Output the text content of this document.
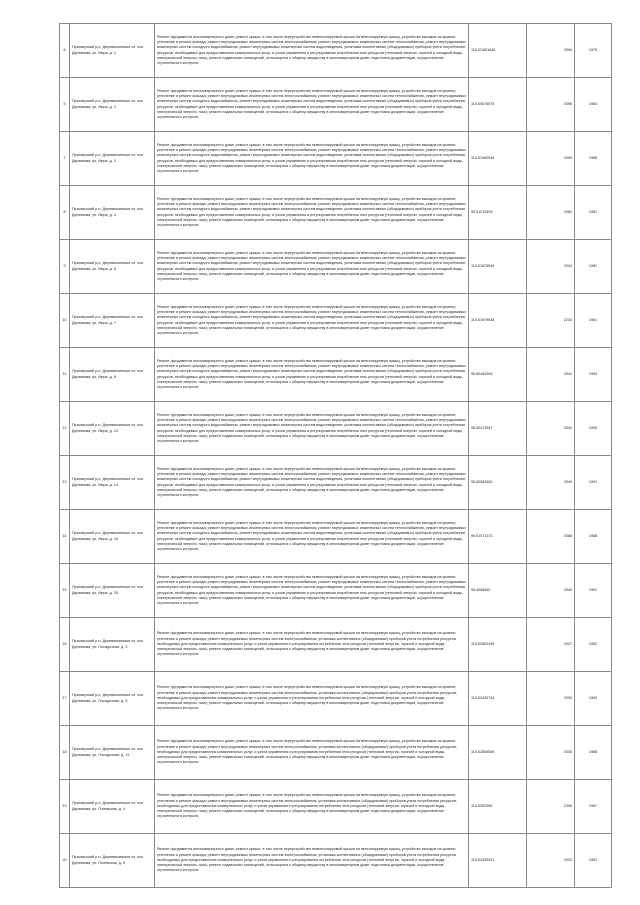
6	Приозерский р-н, Деревянкинское сп, пос. Деревянка, ул. Мира, д. 1	Ремонт фундамента многоквартирного дома; ремонт крыши, в том числе переустройство невентилируемой крыши на вентилируемую крышу, устройство выходов на кровлю; утепление и ремонт фасада; ремонт внутридомовых инженерных систем электроснабжения, ремонт внутридомовых инженерных систем теплоснабжения, ремонт внутридомовых инженерных систем холодного водоснабжения, ремонт внутридомовых инженерных систем водоотведения; установка коллективных (общедомовых) приборов учета потребления ресурсов, необходимых для предоставления коммунальных услуг, и узлов управления и регулирования потребления этих ресурсов (тепловой энергии, горячей и холодной воды, электрической энергии, газа); ремонт подвальных помещений, относящихся к общему имуществу в многоквартирном доме; подготовка документации, осуществление строительного контроля	115.3/1891648	2594	1975
5	Приозерский р-н, Деревянкинское сп, пос. Деревянка, ул. Мира, д. 2	Ремонт фундамента многоквартирного дома; ремонт крыши, в том числе переустройство невентилируемой крыши на вентилируемую крышу, устройство выходов на кровлю; утепление и ремонт фасада; ремонт внутридомовых инженерных систем электроснабжения, ремонт внутридомовых инженерных систем теплоснабжения, ремонт внутридомовых инженерных систем холодного водоснабжения, ремонт внутридомовых инженерных систем водоотведения; установка коллективных (общедомовых) приборов учета потребления ресурсов, необходимых для предоставления коммунальных услуг, и узлов управления и регулирования потребления этих ресурсов (тепловой энергии, горячей и холодной воды, электрической энергии, газа); ремонт подвальных помещений, относящихся к общему имуществу в многоквартирном доме; подготовка документации, осуществление строительного контроля	115.50676575	2096	1984
7	Приозерский р-н, Деревянкинское сп, пос. Деревянка, ул. Мира, д. 3	Ремонт фундамента многоквартирного дома; ремонт крыши, в том числе переустройство невентилируемой крыши на вентилируемую крышу, устройство выходов на кровлю; утепление и ремонт фасада; ремонт внутридомовых инженерных систем электроснабжения, ремонт внутридомовых инженерных систем теплоснабжения, ремонт внутридомовых инженерных систем холодного водоснабжения, ремонт внутридомовых инженерных систем водоотведения; установка коллективных (общедомовых) приборов учета потребления ресурсов, необходимых для предоставления коммунальных услуг, и узлов управления и регулирования потребления этих ресурсов (тепловой энергии, горячей и холодной воды, электрической энергии, газа); ремонт подвальных помещений, относящихся к общему имуществу в многоквартирном доме; подготовка документации, осуществление строительного контроля	115.51980548	2095	1985
8	Приозерский р-н, Деревянкинское сп, пос. Деревянка, ул. Мира, д. 4	Ремонт фундамента многоквартирного дома; ремонт крыши, в том числе переустройство невентилируемой крыши на вентилируемую крышу, устройство выходов на кровлю; утепление и ремонт фасада; ремонт внутридомовых инженерных систем электроснабжения, ремонт внутридомовых инженерных систем теплоснабжения, ремонт внутридомовых инженерных систем холодного водоснабжения, ремонт внутридомовых инженерных систем водоотведения; установка коллективных (общедомовых) приборов учета потребления ресурсов, необходимых для предоставления коммунальных услуг, и узлов управления и регулирования потребления этих ресурсов (тепловой энергии, горячей и холодной воды, электрической энергии, газа); ремонт подвальных помещений, относящихся к общему имуществу в многоквартирном доме; подготовка документации, осуществление строительного контроля	95.51076405	2084	1981
9	Приозерский р-н, Деревянкинское сп, пос. Деревянка, ул. Мира, д. 5	Ремонт фундамента многоквартирного дома; ремонт крыши, в том числе переустройство невентилируемой крыши на вентилируемую крышу, устройство выходов на кровлю; утепление и ремонт фасада; ремонт внутридомовых инженерных систем электроснабжения, ремонт внутридомовых инженерных систем теплоснабжения, ремонт внутридомовых инженерных систем холодного водоснабжения, ремонт внутридомовых инженерных систем водоотведения; установка коллективных (общедомовых) приборов учета потребления ресурсов, необходимых для предоставления коммунальных услуг, и узлов управления и регулирования потребления этих ресурсов (тепловой энергии, горячей и холодной воды, электрической энергии, газа); ремонт подвальных помещений, относящихся к общему имуществу в многоквартирном доме; подготовка документации, осуществление строительного контроля	115.51676549	2034	1981
10	Приозерский р-н, Деревянкинское сп, пос. Деревянка, ул. Мира, д. 7	Ремонт фундамента многоквартирного дома; ремонт крыши, в том числе переустройство невентилируемой крыши на вентилируемую крышу, устройство выходов на кровлю; утепление и ремонт фасада; ремонт внутридомовых инженерных систем электроснабжения, ремонт внутридомовых инженерных систем теплоснабжения, ремонт внутридомовых инженерных систем холодного водоснабжения, ремонт внутридомовых инженерных систем водоотведения; установка коллективных (общедомовых) приборов учета потребления ресурсов, необходимых для предоставления коммунальных услуг, и узлов управления и регулирования потребления этих ресурсов (тепловой энергии, горячей и холодной воды, электрической энергии, газа); ремонт подвальных помещений, относящихся к общему имуществу в многоквартирном доме; подготовка документации, осуществление строительного контроля	115.51979548	2234	1981
11	Приозерский р-н, Деревянкинское сп, пос. Деревянка, ул. Мира, д. 8	Ремонт фундамента многоквартирного дома; ремонт крыши, в том числе переустройство невентилируемой крыши на вентилируемую крышу, устройство выходов на кровлю; утепление и ремонт фасада; ремонт внутридомовых инженерных систем электроснабжения, ремонт внутридомовых инженерных систем теплоснабжения, ремонт внутридомовых инженерных систем холодного водоснабжения, ремонт внутридомовых инженерных систем водоотведения; установка коллективных (общедомовых) приборов учета потребления ресурсов, необходимых для предоставления коммунальных услуг, и узлов управления и регулирования потребления этих ресурсов (тепловой энергии, горячей и холодной воды, электрической энергии, газа); ремонт подвальных помещений, относящихся к общему имуществу в многоквартирном доме; подготовка документации, осуществление строительного контроля	95.50465394	2541	1994
12	Приозерский р-н, Деревянкинское сп, пос. Деревянка, ул. Мира, д. 10	Ремонт фундамента многоквартирного дома; ремонт крыши, в том числе переустройство невентилируемой крыши на вентилируемую крышу, устройство выходов на кровлю; утепление и ремонт фасада; ремонт внутридомовых инженерных систем электроснабжения, ремонт внутридомовых инженерных систем теплоснабжения, ремонт внутридомовых инженерных систем холодного водоснабжения, ремонт внутридомовых инженерных систем водоотведения; установка коллективных (общедомовых) приборов учета потребления ресурсов, необходимых для предоставления коммунальных услуг, и узлов управления и регулирования потребления этих ресурсов (тепловой энергии, горячей и холодной воды, электрической энергии, газа); ремонт подвальных помещений, относящихся к общему имуществу в многоквартирном доме; подготовка документации, осуществление строительного контроля	95.50473547	2540	1990
13	Приозерский р-н, Деревянкинское сп, пос. Деревянка, ул. Мира, д. 14	Ремонт фундамента многоквартирного дома; ремонт крыши, в том числе переустройство невентилируемой крыши на вентилируемую крышу, устройство выходов на кровлю; утепление и ремонт фасада; ремонт внутридомовых инженерных систем электроснабжения, ремонт внутридомовых инженерных систем теплоснабжения, ремонт внутридомовых инженерных систем холодного водоснабжения, ремонт внутридомовых инженерных систем водоотведения; установка коллективных (общедомовых) приборов учета потребления ресурсов, необходимых для предоставления коммунальных услуг, и узлов управления и регулирования потребления этих ресурсов (тепловой энергии, горячей и холодной воды, электрической энергии, газа); ремонт подвальных помещений, относящихся к общему имуществу в многоквартирном доме; подготовка документации, осуществление строительного контроля	95.50589182	2540	1991
14	Приозерский р-н, Деревянкинское сп, пос. Деревянка, ул. Мира, д. 16	Ремонт фундамента многоквартирного дома; ремонт крыши, в том числе переустройство невентилируемой крыши на вентилируемую крышу, устройство выходов на кровлю; утепление и ремонт фасада; ремонт внутридомовых инженерных систем электроснабжения, ремонт внутридомовых инженерных систем теплоснабжения, ремонт внутридомовых инженерных систем холодного водоснабжения, ремонт внутридомовых инженерных систем водоотведения; установка коллективных (общедомовых) приборов учета потребления ресурсов, необходимых для предоставления коммунальных услуг, и узлов управления и регулирования потребления этих ресурсов (тепловой энергии, горячей и холодной воды, электрической энергии, газа); ремонт подвальных помещений, относящихся к общему имуществу в многоквартирном доме; подготовка документации, осуществление строительного контроля	95.51071373	2088	1988
15	Приозерский р-н, Деревянкинское сп, пос. Деревянка, ул. Мира, д. 20	Ремонт фундамента многоквартирного дома; ремонт крыши, в том числе переустройство невентилируемой крыши на вентилируемую крышу, устройство выходов на кровлю; утепление и ремонт фасада; ремонт внутридомовых инженерных систем электроснабжения, ремонт внутридомовых инженерных систем теплоснабжения, ремонт внутридомовых инженерных систем холодного водоснабжения, ремонт внутридомовых инженерных систем водоотведения; установка коллективных (общедомовых) приборов учета потребления ресурсов, необходимых для предоставления коммунальных услуг, и узлов управления и регулирования потребления этих ресурсов (тепловой энергии, горячей и холодной воды, электрической энергии, газа); ремонт подвальных помещений, относящихся к общему имуществу в многоквартирном доме; подготовка документации, осуществление строительного контроля	95.4068840	2540	1991
16	Приозерский р-н, Деревянкинское сп, пос. Деревянка, ул. Посадочная, д. 3	Ремонт фундамента многоквартирного дома; ремонт крыши, в том числе переустройство невентилируемой крыши на вентилируемую крышу, устройство выходов на кровлю; утепление и ремонт фасада; ремонт внутридомовых инженерных систем электроснабжения; установка коллективных (общедомовых) приборов учета потребления ресурсов, необходимых для предоставления коммунальных услуг, и узлов управления и регулирования потребления этих ресурсов (тепловой энергии, горячей и холодной воды, электрической энергии, газа); ремонт подвальных помещений, относящихся к общему имуществу в многоквартирном доме; подготовка документации, осуществление строительного контроля	115.52804495	2027	1962
17	Приозерский р-н, Деревянкинское сп, пос. Деревянка, ул. Посадочная, д. 5	Ремонт фундамента многоквартирного дома; ремонт крыши, в том числе переустройство невентилируемой крыши на вентилируемую крышу, устройство выходов на кровлю; утепление и ремонт фасада; ремонт внутридомовых инженерных систем электроснабжения; установка коллективных (общедомовых) приборов учета потребления ресурсов, необходимых для предоставления коммунальных услуг, и узлов управления и регулирования потребления этих ресурсов (тепловой энергии, горячей и холодной воды, электрической энергии, газа); ремонт подвальных помещений, относящихся к общему имуществу в многоквартирном доме; подготовка документации, осуществление строительного контроля	115.53435734	2030	1963
18	Приозерский р-н, Деревянкинское сп, пос. Деревянка, ул. Посадочная, д. 11	Ремонт фундамента многоквартирного дома; ремонт крыши, в том числе переустройство невентилируемой крыши на вентилируемую крышу, устройство выходов на кровлю; утепление и ремонт фасада; ремонт внутридомовых инженерных систем электроснабжения; установка коллективных (общедомовых) приборов учета потребления ресурсов, необходимых для предоставления коммунальных услуг, и узлов управления и регулирования потребления этих ресурсов (тепловой энергии, горячей и холодной воды, электрической энергии, газа); ремонт подвальных помещений, относящихся к общему имуществу в многоквартирном доме; подготовка документации, осуществление строительного контроля	115.52806569	2035	1968
19	Приозерский р-н, Деревянкинское сп, пос. Деревянка, ул. Полевская, д. 4	Ремонт фундамента многоквартирного дома; ремонт крыши, в том числе переустройство невентилируемой крыши на вентилируемую крышу, устройство выходов на кровлю; утепление и ремонт фасада; ремонт внутридомовых инженерных систем электроснабжения; установка коллективных (общедомовых) приборов учета потребления ресурсов, необходимых для предоставления коммунальных услуг, и узлов управления и регулирования потребления этих ресурсов (тепловой энергии, горячей и холодной воды, электрической энергии, газа); ремонт подвальных помещений, относящихся к общему имуществу в многоквартирном доме; подготовка документации, осуществление строительного контроля	115.5352056	2308	1967
20	Приозерский р-н, Деревянкинское сп, пос. Деревянка, ул. Полевская, д. 5	Ремонт фундамента многоквартирного дома; ремонт крыши, в том числе переустройство невентилируемой крыши на вентилируемую крышу, устройство выходов на кровлю; утепление и ремонт фасада; ремонт внутридомовых инженерных систем электроснабжения; установка коллективных (общедомовых) приборов учета потребления ресурсов, необходимых для предоставления коммунальных услуг, и узлов управления и регулирования потребления этих ресурсов (тепловой энергии, горячей и холодной воды, электрической энергии, газа); ремонт подвальных помещений, относящихся к общему имуществу в многоквартирном доме; подготовка документации, осуществление строительного контроля	115.54339201	2023	1963
